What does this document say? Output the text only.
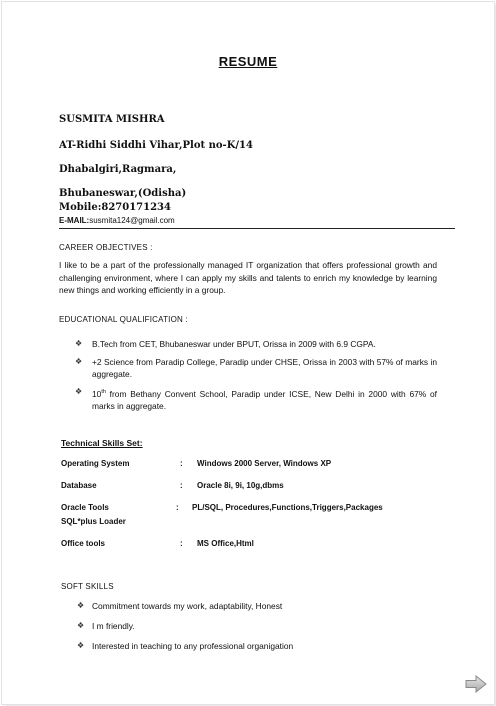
RESUME
SUSMITA MISHRA
AT-Ridhi Siddhi Vihar,Plot no-K/14
Dhabalgiri,Ragmara,
Bhubaneswar,(Odisha)
Mobile:8270171234
E-MAIL:susmita124@gmail.com
CAREER OBJECTIVES :
I like to be a part of the professionally managed IT organization that offers professional growth and challenging environment, where I can apply my skills and talents to enrich my knowledge by learning new things and working efficiently in a group.
EDUCATIONAL QUALIFICATION :
❖ B.Tech from CET, Bhubaneswar under BPUT, Orissa in 2009 with 6.9 CGPA.
❖ +2 Science from Paradip College, Paradip under CHSE, Orissa in 2003 with 57% of marks in aggregate.
❖ 10th from Bethany Convent School, Paradip under ICSE, New Delhi in 2000 with 67% of marks in aggregate.
Technical Skills Set:
Operating System	: Windows 2000 Server, Windows XP
Database	: Oracle 8i, 9i, 10g,dbms
Oracle Tools	: PL/SQL, Procedures,Functions,Triggers,Packages
SQL*plus Loader
Office tools	: MS Office,Html
SOFT SKILLS
❖ Commitment towards my work, adaptability, Honest
❖ I m friendly.
❖ Interested in teaching to any professional organigation
